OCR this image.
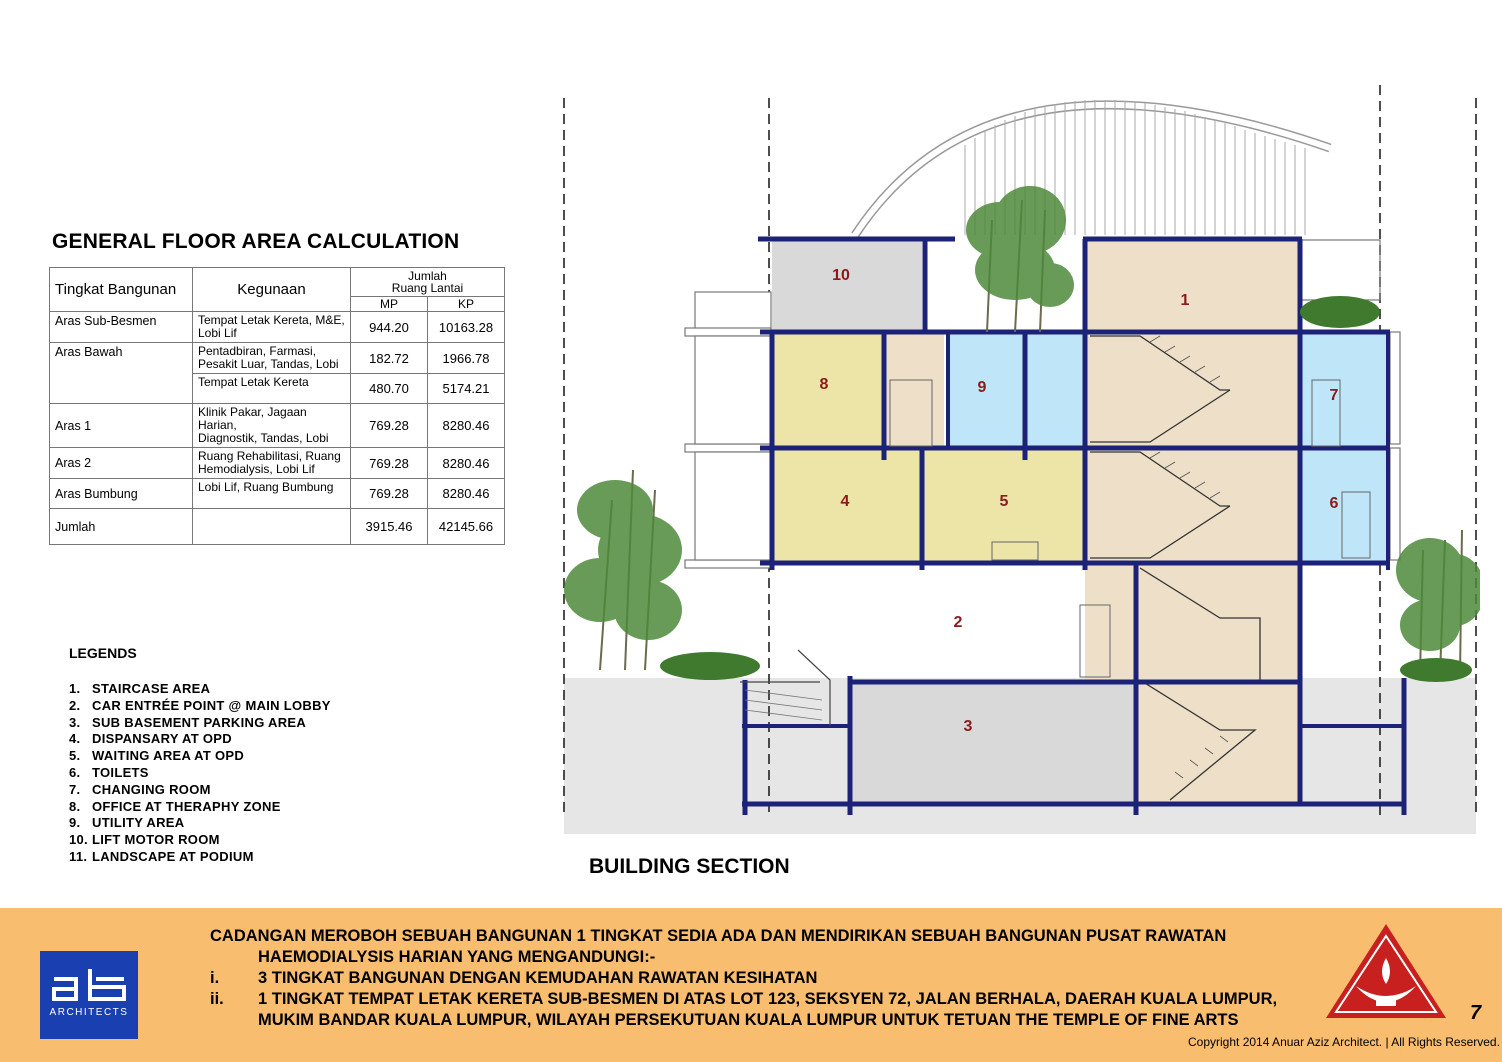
GENERAL FLOOR AREA CALCULATION
Tingkat Bangunan	Kegunaan	Jumlah
Ruang Lantai	

		MP	KP
Aras Sub-Besmen	Tempat Letak Kereta, M&E,
Lobi Lif	944.20	10163.28
Aras Bawah	Pentadbiran, Farmasi,
Pesakit Luar, Tandas, Lobi	182.72	1966.78

	Tempat Letak Kereta	480.70	5174.21
Aras 1	Klinik Pakar, Jagaan Harian,
Diagnostik, Tandas, Lobi	769.28	8280.46
Aras 2	Ruang Rehabilitasi, Ruang
Hemodialysis, Lobi Lif	769.28	8280.46
Aras Bumbung	Lobi Lif, Ruang Bumbung	769.28	8280.46
Jumlah		3915.46	42145.66
LEGENDS
1. STAIRCASE AREA
2. CAR ENTRÉE POINT @ MAIN LOBBY
3. SUB BASEMENT PARKING AREA
4. DISPANSARY AT OPD
5. WAITING AREA AT OPD
6. TOILETS
7. CHANGING ROOM
8. OFFICE AT THERAPHY ZONE
9. UTILITY AREA
10. LIFT MOTOR ROOM
11. LANDSCAPE AT PODIUM
10
1
8	9	7
4	5	6
2
3
BUILDING SECTION
ARCHITECTS
CADANGAN MEROBOH SEBUAH BANGUNAN 1 TINGKAT SEDIA ADA DAN MENDIRIKAN SEBUAH BANGUNAN PUSAT RAWATAN
HAEMODIALYSIS HARIAN YANG MENGANDUNGI:-
i.	3 TINGKAT BANGUNAN DENGAN KEMUDAHAN RAWATAN KESIHATAN
ii.	1 TINGKAT TEMPAT LETAK KERETA SUB-BESMEN DI ATAS LOT 123, SEKSYEN 72, JALAN BERHALA, DAERAH KUALA LUMPUR, MUKIM BANDAR KUALA LUMPUR, WILAYAH PERSEKUTUAN KUALA LUMPUR UNTUK TETUAN THE TEMPLE OF FINE ARTS	7
Copyright 2014 Anuar Aziz Architect. | All Rights Reserved.
